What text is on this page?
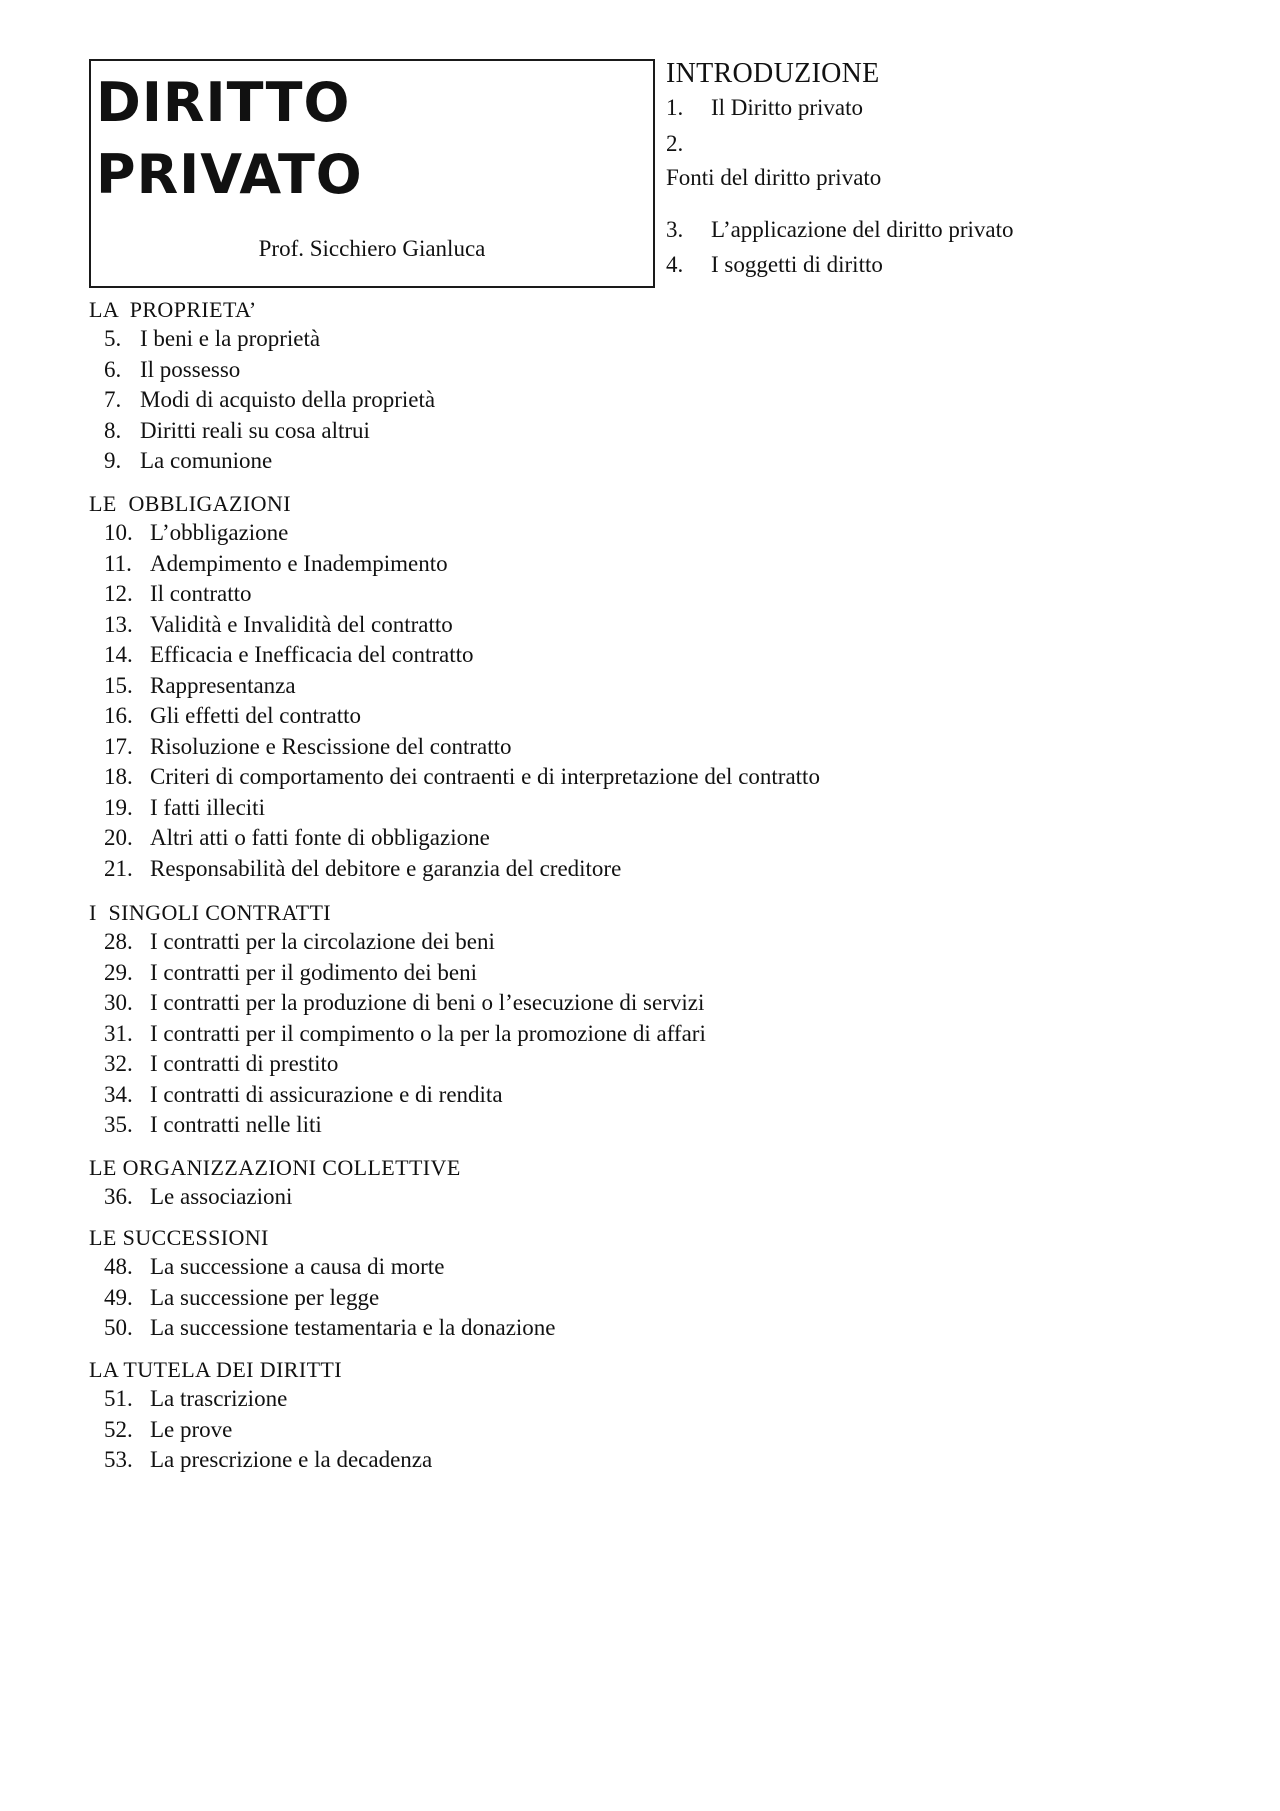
DIRITTO
PRIVATO
Prof. Sicchiero Gianluca
INTRODUZIONE
1. Il Diritto privato
2.
Fonti del diritto privato
3. L’applicazione del diritto privato
4. I soggetti di diritto
LA  PROPRIETA’
5. I beni e la proprietà
6. Il possesso
7. Modi di acquisto della proprietà
8. Diritti reali su cosa altrui
9. La comunione
LE  OBBLIGAZIONI
10. L’obbligazione
11. Adempimento e Inadempimento
12. Il contratto
13. Validità e Invalidità del contratto
14. Efficacia e Inefficacia del contratto
15. Rappresentanza
16. Gli effetti del contratto
17. Risoluzione e Rescissione del contratto
18. Criteri di comportamento dei contraenti e di interpretazione del contratto
19. I fatti illeciti
20. Altri atti o fatti fonte di obbligazione
21. Responsabilità del debitore e garanzia del creditore
I  SINGOLI CONTRATTI
28. I contratti per la circolazione dei beni
29. I contratti per il godimento dei beni
30. I contratti per la produzione di beni o l’esecuzione di servizi
31. I contratti per il compimento o la per la promozione di affari
32. I contratti di prestito
34. I contratti di assicurazione e di rendita
35. I contratti nelle liti
LE ORGANIZZAZIONI COLLETTIVE
36. Le associazioni
LE SUCCESSIONI
48. La successione a causa di morte
49. La successione per legge
50. La successione testamentaria e la donazione
LA TUTELA DEI DIRITTI
51. La trascrizione
52. Le prove
53. La prescrizione e la decadenza
